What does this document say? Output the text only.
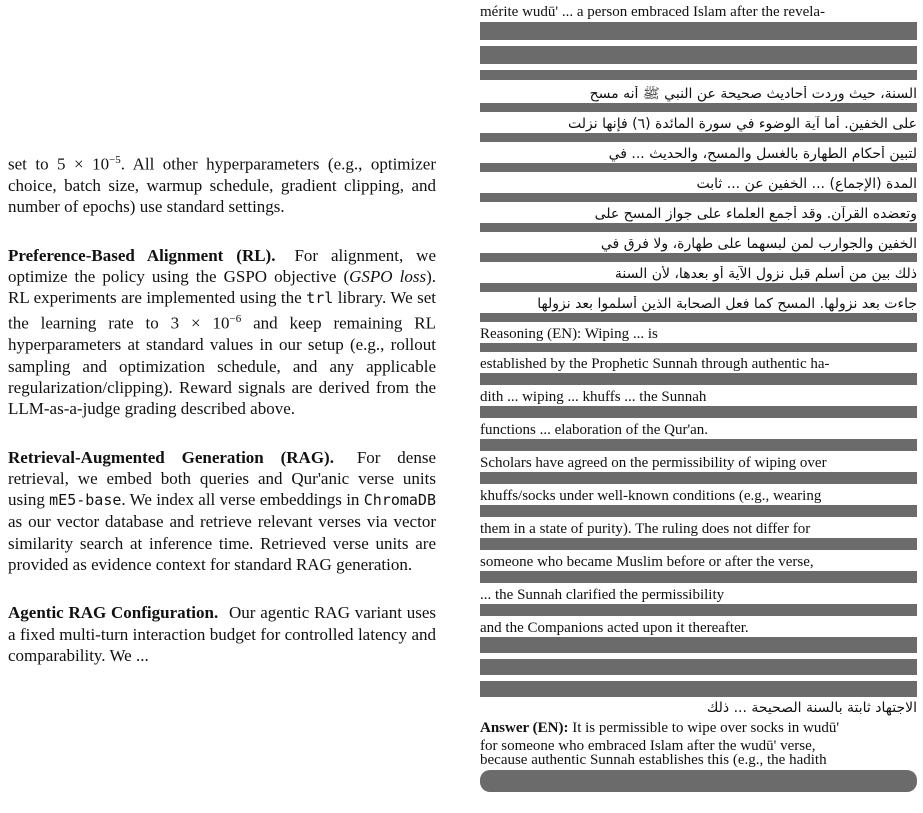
set to $5 \times 10^{-5}$. All other hyperparameters (e.g., optimizer choice, batch size, warmup schedule, gradient clipping, and number of epochs) use standard settings.

Preference-Based Alignment (RL). For alignment, we optimize the policy using the GSPO objective (GSPO loss). RL experiments are implemented using the trl library. We set the learning rate to $3 \times 10^{-6}$ and keep remaining RL hyperparameters at standard values in our setup (e.g., rollout sampling and optimization schedule, and any applicable regularization/clipping). Reward signals are derived from the LLM-as-a-judge grading described above.

Retrieval-Augmented Generation (RAG). For dense retrieval, we embed both queries and Qur'anic verse units using mE5-base. We index all verse embeddings in ChromaDB as our vector database and retrieve relevant verses via vector similarity search at inference time. Retrieved verse units are provided as evidence context for standard RAG generation.

Agentic RAG Configuration. Our agentic RAG variant uses a fixed multi-turn interaction budget for controlled latency and comparability. We ...

mérite wudū' ... a person embraced Islam after the revela-
السنة، حيث وردت أحاديث صحيحة عن النبي ﷺ أنه مسح
على الخفين. أما آية الوضوء في سورة المائدة (٦) فإنها نزلت
لتبين أحكام الطهارة بالغسل والمسح، والحديث ... في
المدة (الإجماع) ... الخفين عن ... ثابت
وتعضده القرآن. وقد أجمع العلماء على جواز المسح على
الخفين والجوارب لمن لبسهما على طهارة، ولا فرق في
ذلك بين من أسلم قبل نزول الآية أو بعدها، لأن السنة
جاءت بعد نزولها. المسح كما فعل الصحابة الذين أسلموا بعد نزولها
Reasoning (EN): Wiping ... is
established by the Prophetic Sunnah through authentic ha-
dith ... wiping ... khuffs ... the Sunnah
functions ... elaboration of the Qur'an.
Scholars have agreed on the permissibility of wiping over
khuffs/socks under well-known conditions (e.g., wearing
them in a state of purity). The ruling does not differ for
someone who became Muslim before or after the verse,
... the Sunnah clarified the permissibility
and the Companions acted upon it thereafter.
الاجتهاد ثابتة بالسنة الصحيحة ... ذلك
Answer (EN): It is permissible to wipe over socks in wudū'
for someone who embraced Islam after the wudū' verse,
because authentic Sunnah establishes this (e.g., the hadith
